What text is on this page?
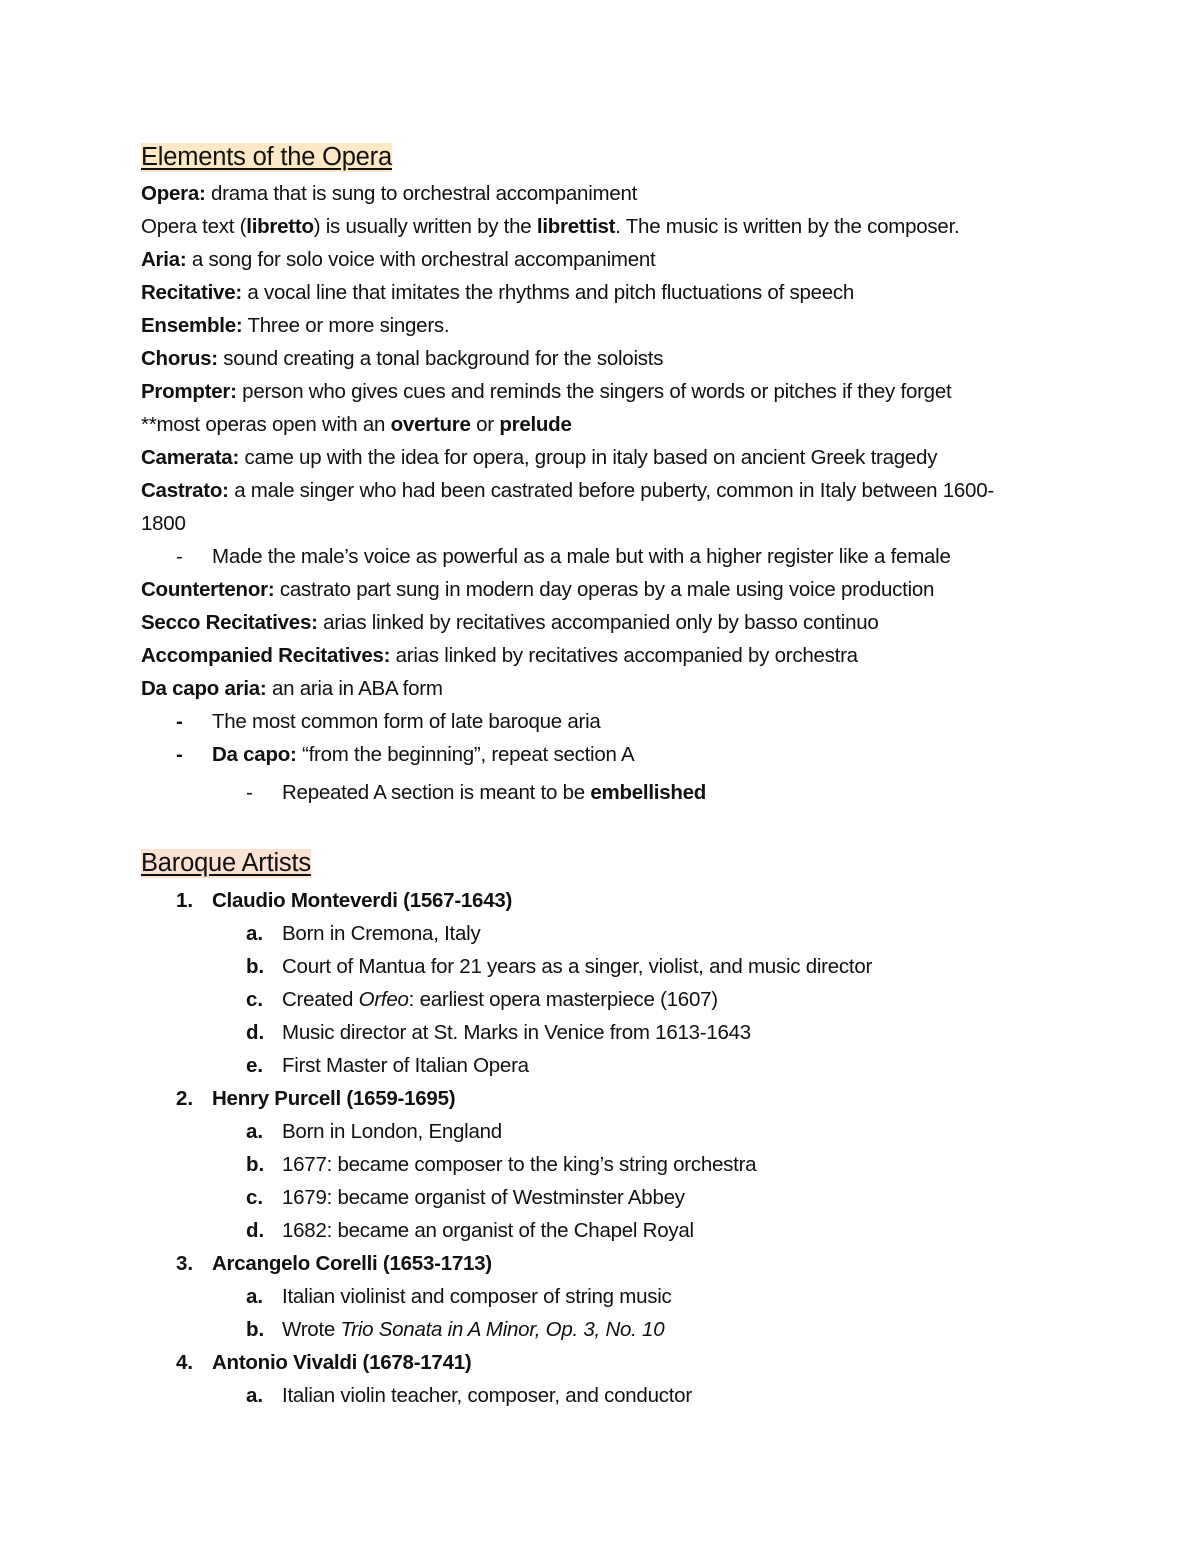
Elements of the Opera
Opera: drama that is sung to orchestral accompaniment
Opera text (libretto) is usually written by the librettist. The music is written by the composer.
Aria: a song for solo voice with orchestral accompaniment
Recitative: a vocal line that imitates the rhythms and pitch fluctuations of speech
Ensemble: Three or more singers.
Chorus: sound creating a tonal background for the soloists
Prompter: person who gives cues and reminds the singers of words or pitches if they forget
**most operas open with an overture or prelude
Camerata: came up with the idea for opera, group in italy based on ancient Greek tragedy
Castrato: a male singer who had been castrated before puberty, common in Italy between 1600-
1800
- Made the male’s voice as powerful as a male but with a higher register like a female
Countertenor: castrato part sung in modern day operas by a male using voice production
Secco Recitatives: arias linked by recitatives accompanied only by basso continuo
Accompanied Recitatives: arias linked by recitatives accompanied by orchestra
Da capo aria: an aria in ABA form
- The most common form of late baroque aria
- Da capo: “from the beginning”, repeat section A
- Repeated A section is meant to be embellished
Baroque Artists
1. Claudio Monteverdi (1567-1643)
a. Born in Cremona, Italy
b. Court of Mantua for 21 years as a singer, violist, and music director
c. Created Orfeo: earliest opera masterpiece (1607)
d. Music director at St. Marks in Venice from 1613-1643
e. First Master of Italian Opera
2. Henry Purcell (1659-1695)
a. Born in London, England
b. 1677: became composer to the king’s string orchestra
c. 1679: became organist of Westminster Abbey
d. 1682: became an organist of the Chapel Royal
3. Arcangelo Corelli (1653-1713)
a. Italian violinist and composer of string music
b. Wrote Trio Sonata in A Minor, Op. 3, No. 10
4. Antonio Vivaldi (1678-1741)
a. Italian violin teacher, composer, and conductor
